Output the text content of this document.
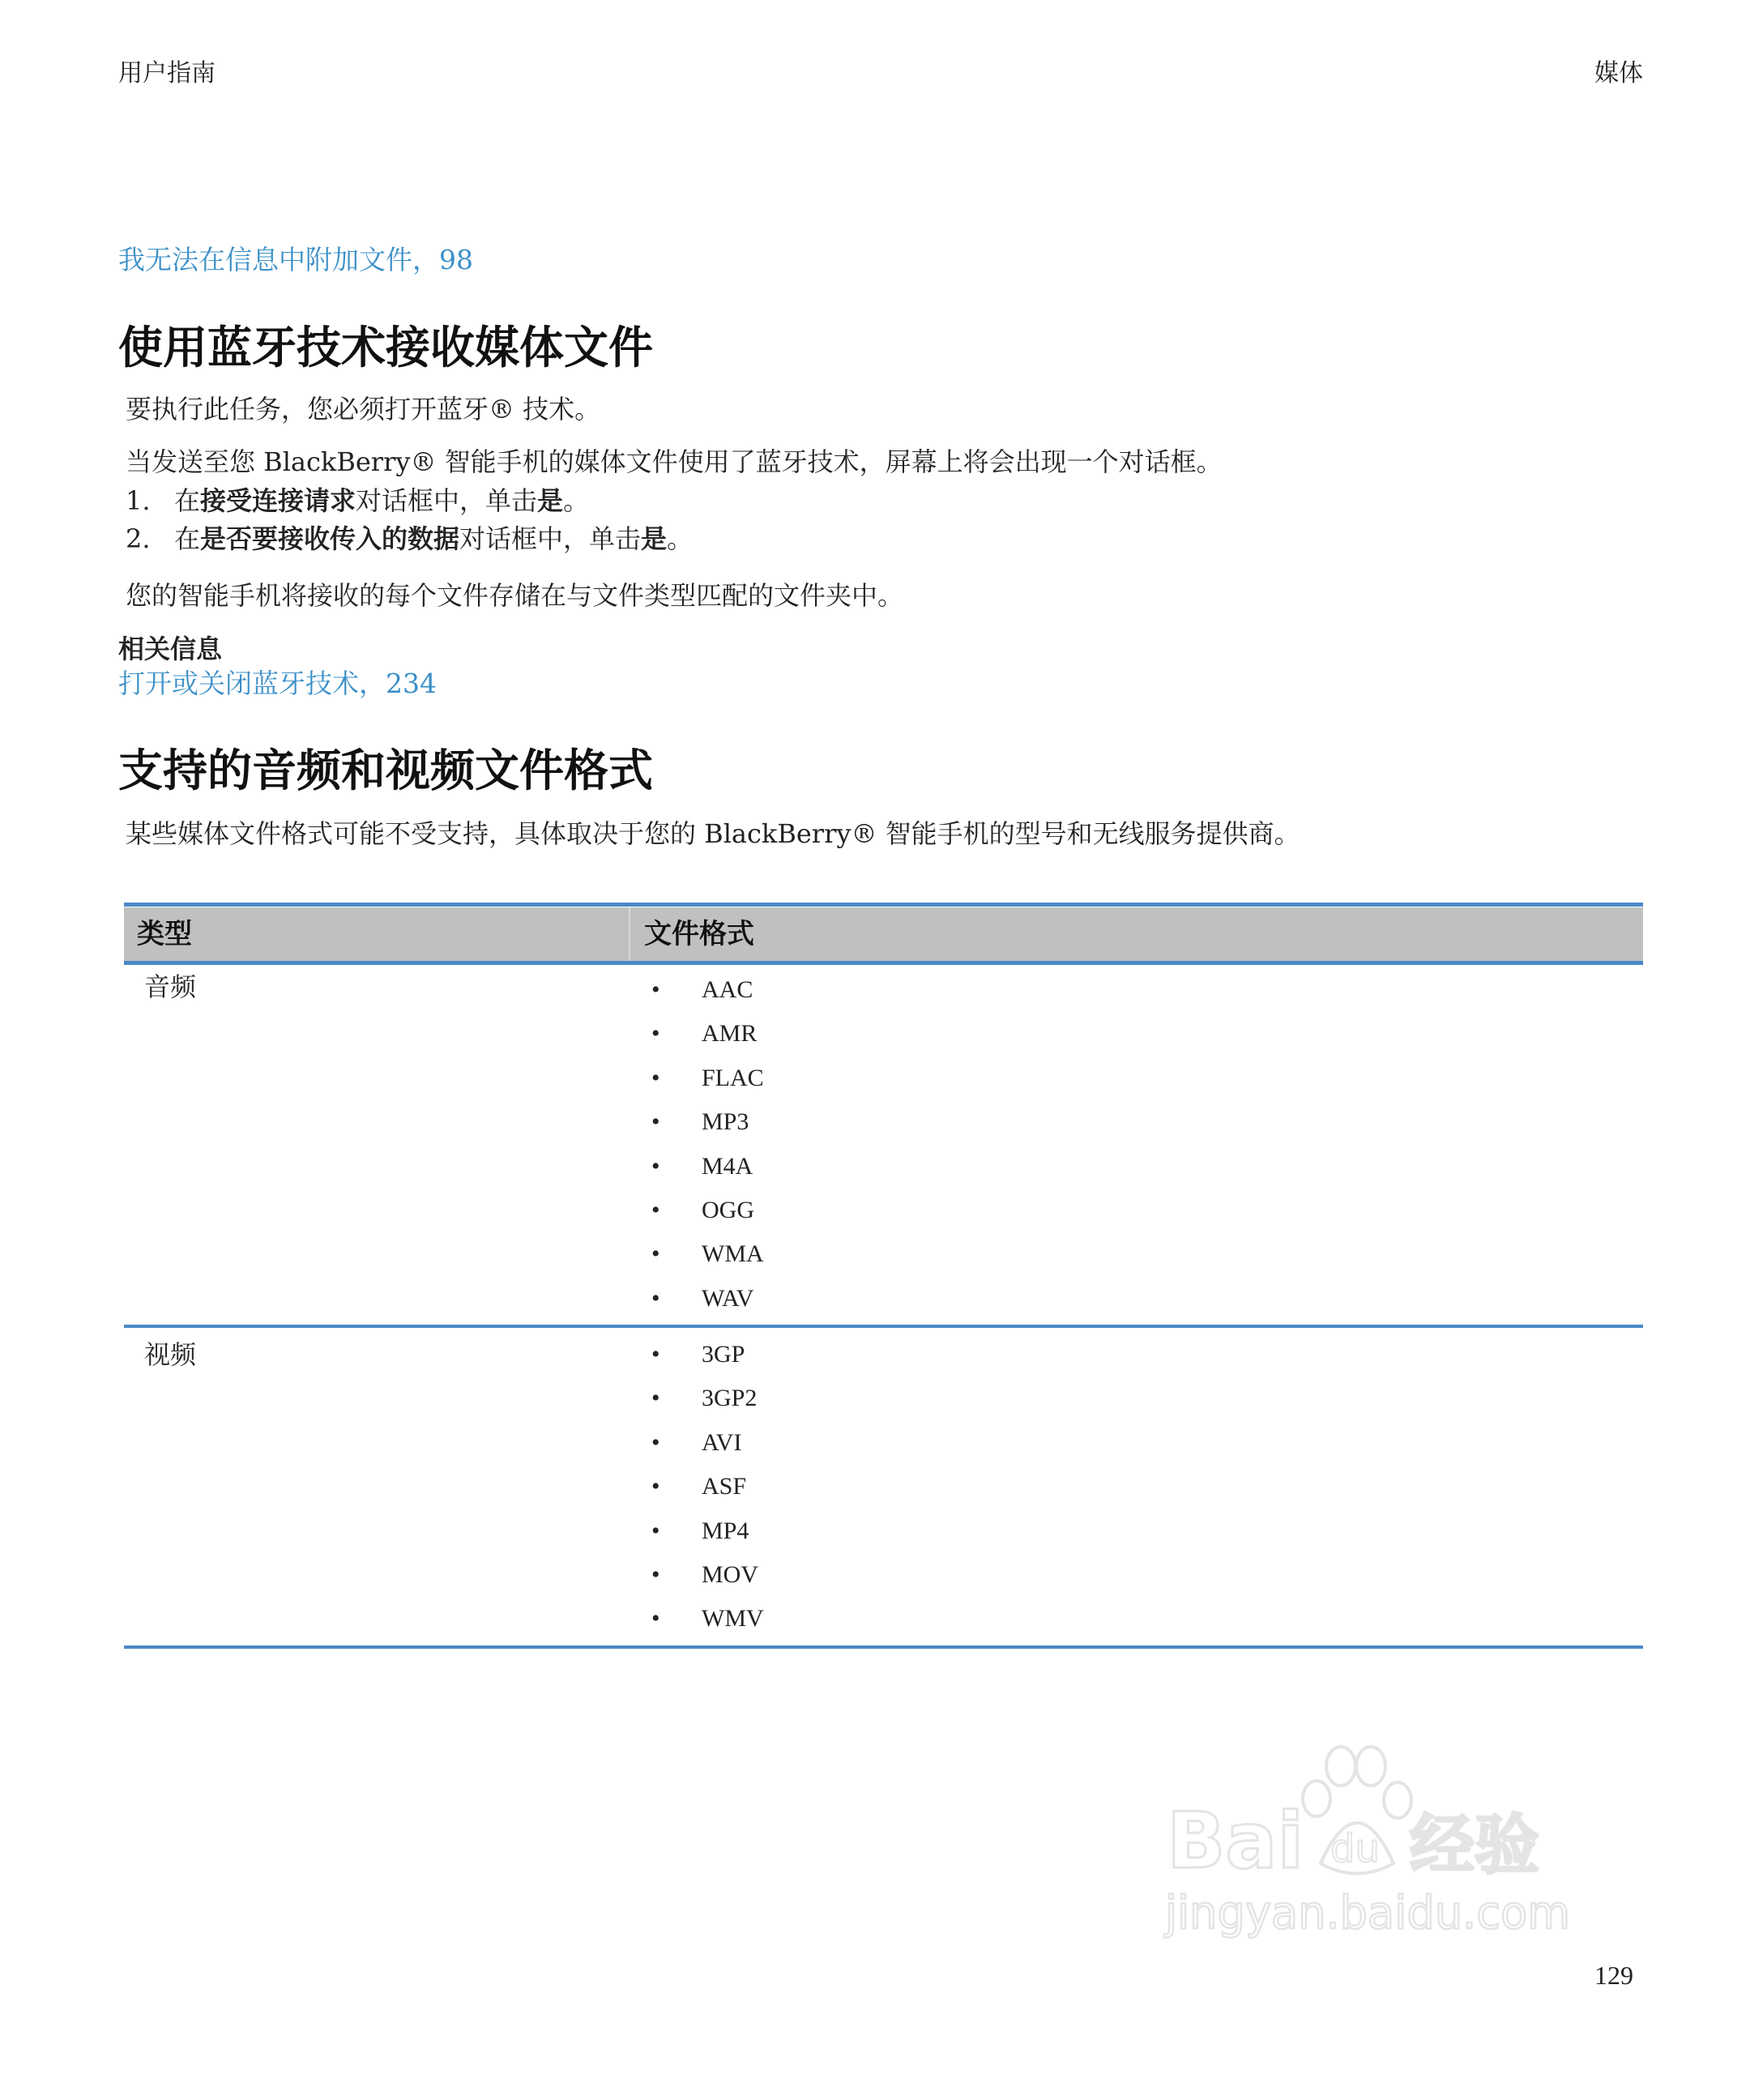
用户指南	媒体
我无法在信息中附加文件，98
使用蓝牙技术接收媒体文件
要执行此任务，您必须打开蓝牙® 技术。
当发送至您 BlackBerry® 智能手机的媒体文件使用了蓝牙技术，屏幕上将会出现一个对话框。
1. 在接受连接请求对话框中，单击是。
2. 在是否要接收传入的数据对话框中，单击是。
您的智能手机将接收的每个文件存储在与文件类型匹配的文件夹中。
相关信息
打开或关闭蓝牙技术，234
支持的音频和视频文件格式
某些媒体文件格式可能不受支持，具体取决于您的 BlackBerry® 智能手机的型号和无线服务提供商。
类型	文件格式
音频	• AAC
• AMR
• FLAC
• MP3
• M4A
• OGG
• WMA
• WAV
视频	• 3GP
• 3GP2
• AVI
• ASF
• MP4
• MOV
• WMV
Bai du 经验
jingyan.baidu.com
129
